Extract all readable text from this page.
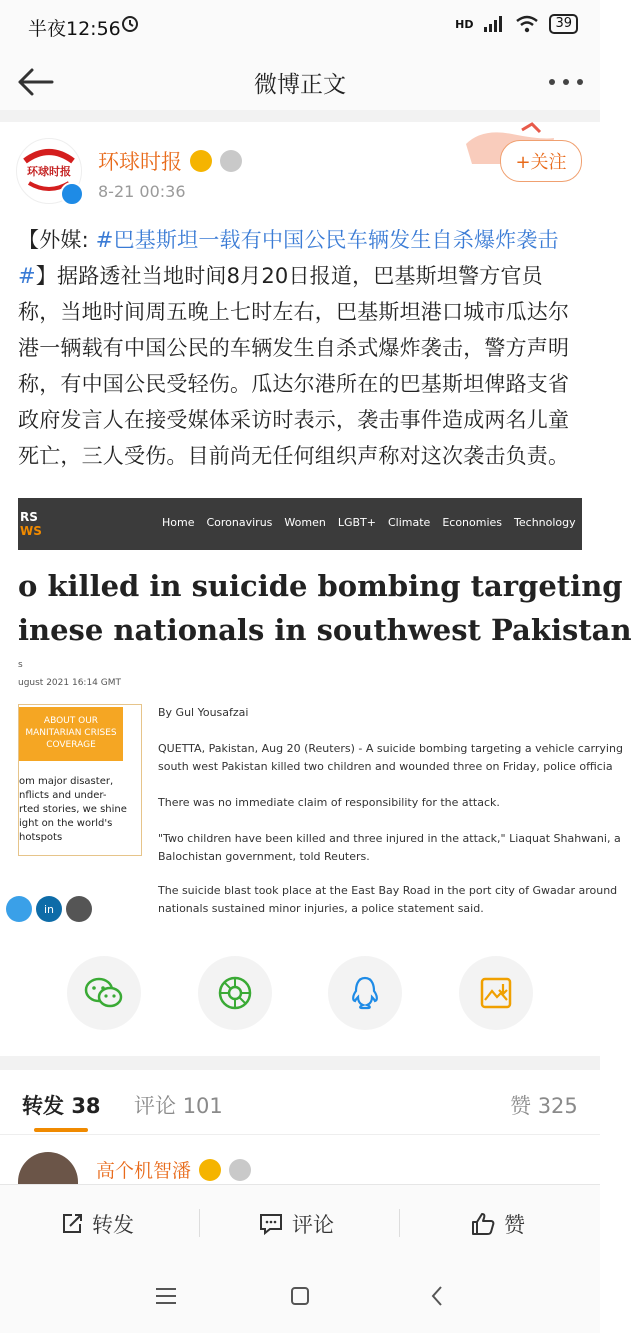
半夜12:56	HD	39
微博正文
环球时报 环球时报
8-21 00:36
+关注
【外媒: #巴基斯坦一载有中国公民车辆发生自杀爆炸袭击#】据路透社当地时间8月20日报道，巴基斯坦警方官员称，当地时间周五晚上七时左右，巴基斯坦港口城市瓜达尔港一辆载有中国公民的车辆发生自杀式爆炸袭击，警方声明称，有中国公民受轻伤。瓜达尔港所在的巴基斯坦俾路支省政府发言人在接受媒体采访时表示，袭击事件造成两名儿童死亡，三人受伤。目前尚无任何组织声称对这次袭击负责。
RS
WS
Home Coronavirus Women LGBT+ Climate Economies Technology Slavery
o killed in suicide bombing targeting
inese nationals in southwest Pakistan
s
ugust 2021 16:14 GMT
ABOUT OUR
MANITARIAN CRISES
COVERAGE
om major disaster,
nflicts and under-
rted stories, we shine
ight on the world's
hotspots
By Gul Yousafzai
QUETTA, Pakistan, Aug 20 (Reuters) - A suicide bombing targeting a vehicle carrying
south west Pakistan killed two children and wounded three on Friday, police officia
There was no immediate claim of responsibility for the attack.
"Two children have been killed and three injured in the attack," Liaquat Shahwani, a
Balochistan government, told Reuters.
The suicide blast took place at the East Bay Road in the port city of Gwadar around
nationals sustained minor injuries, a police statement said.
in
转发 38 评论 101	赞 325
高个机智潘
转发	评论	赞
